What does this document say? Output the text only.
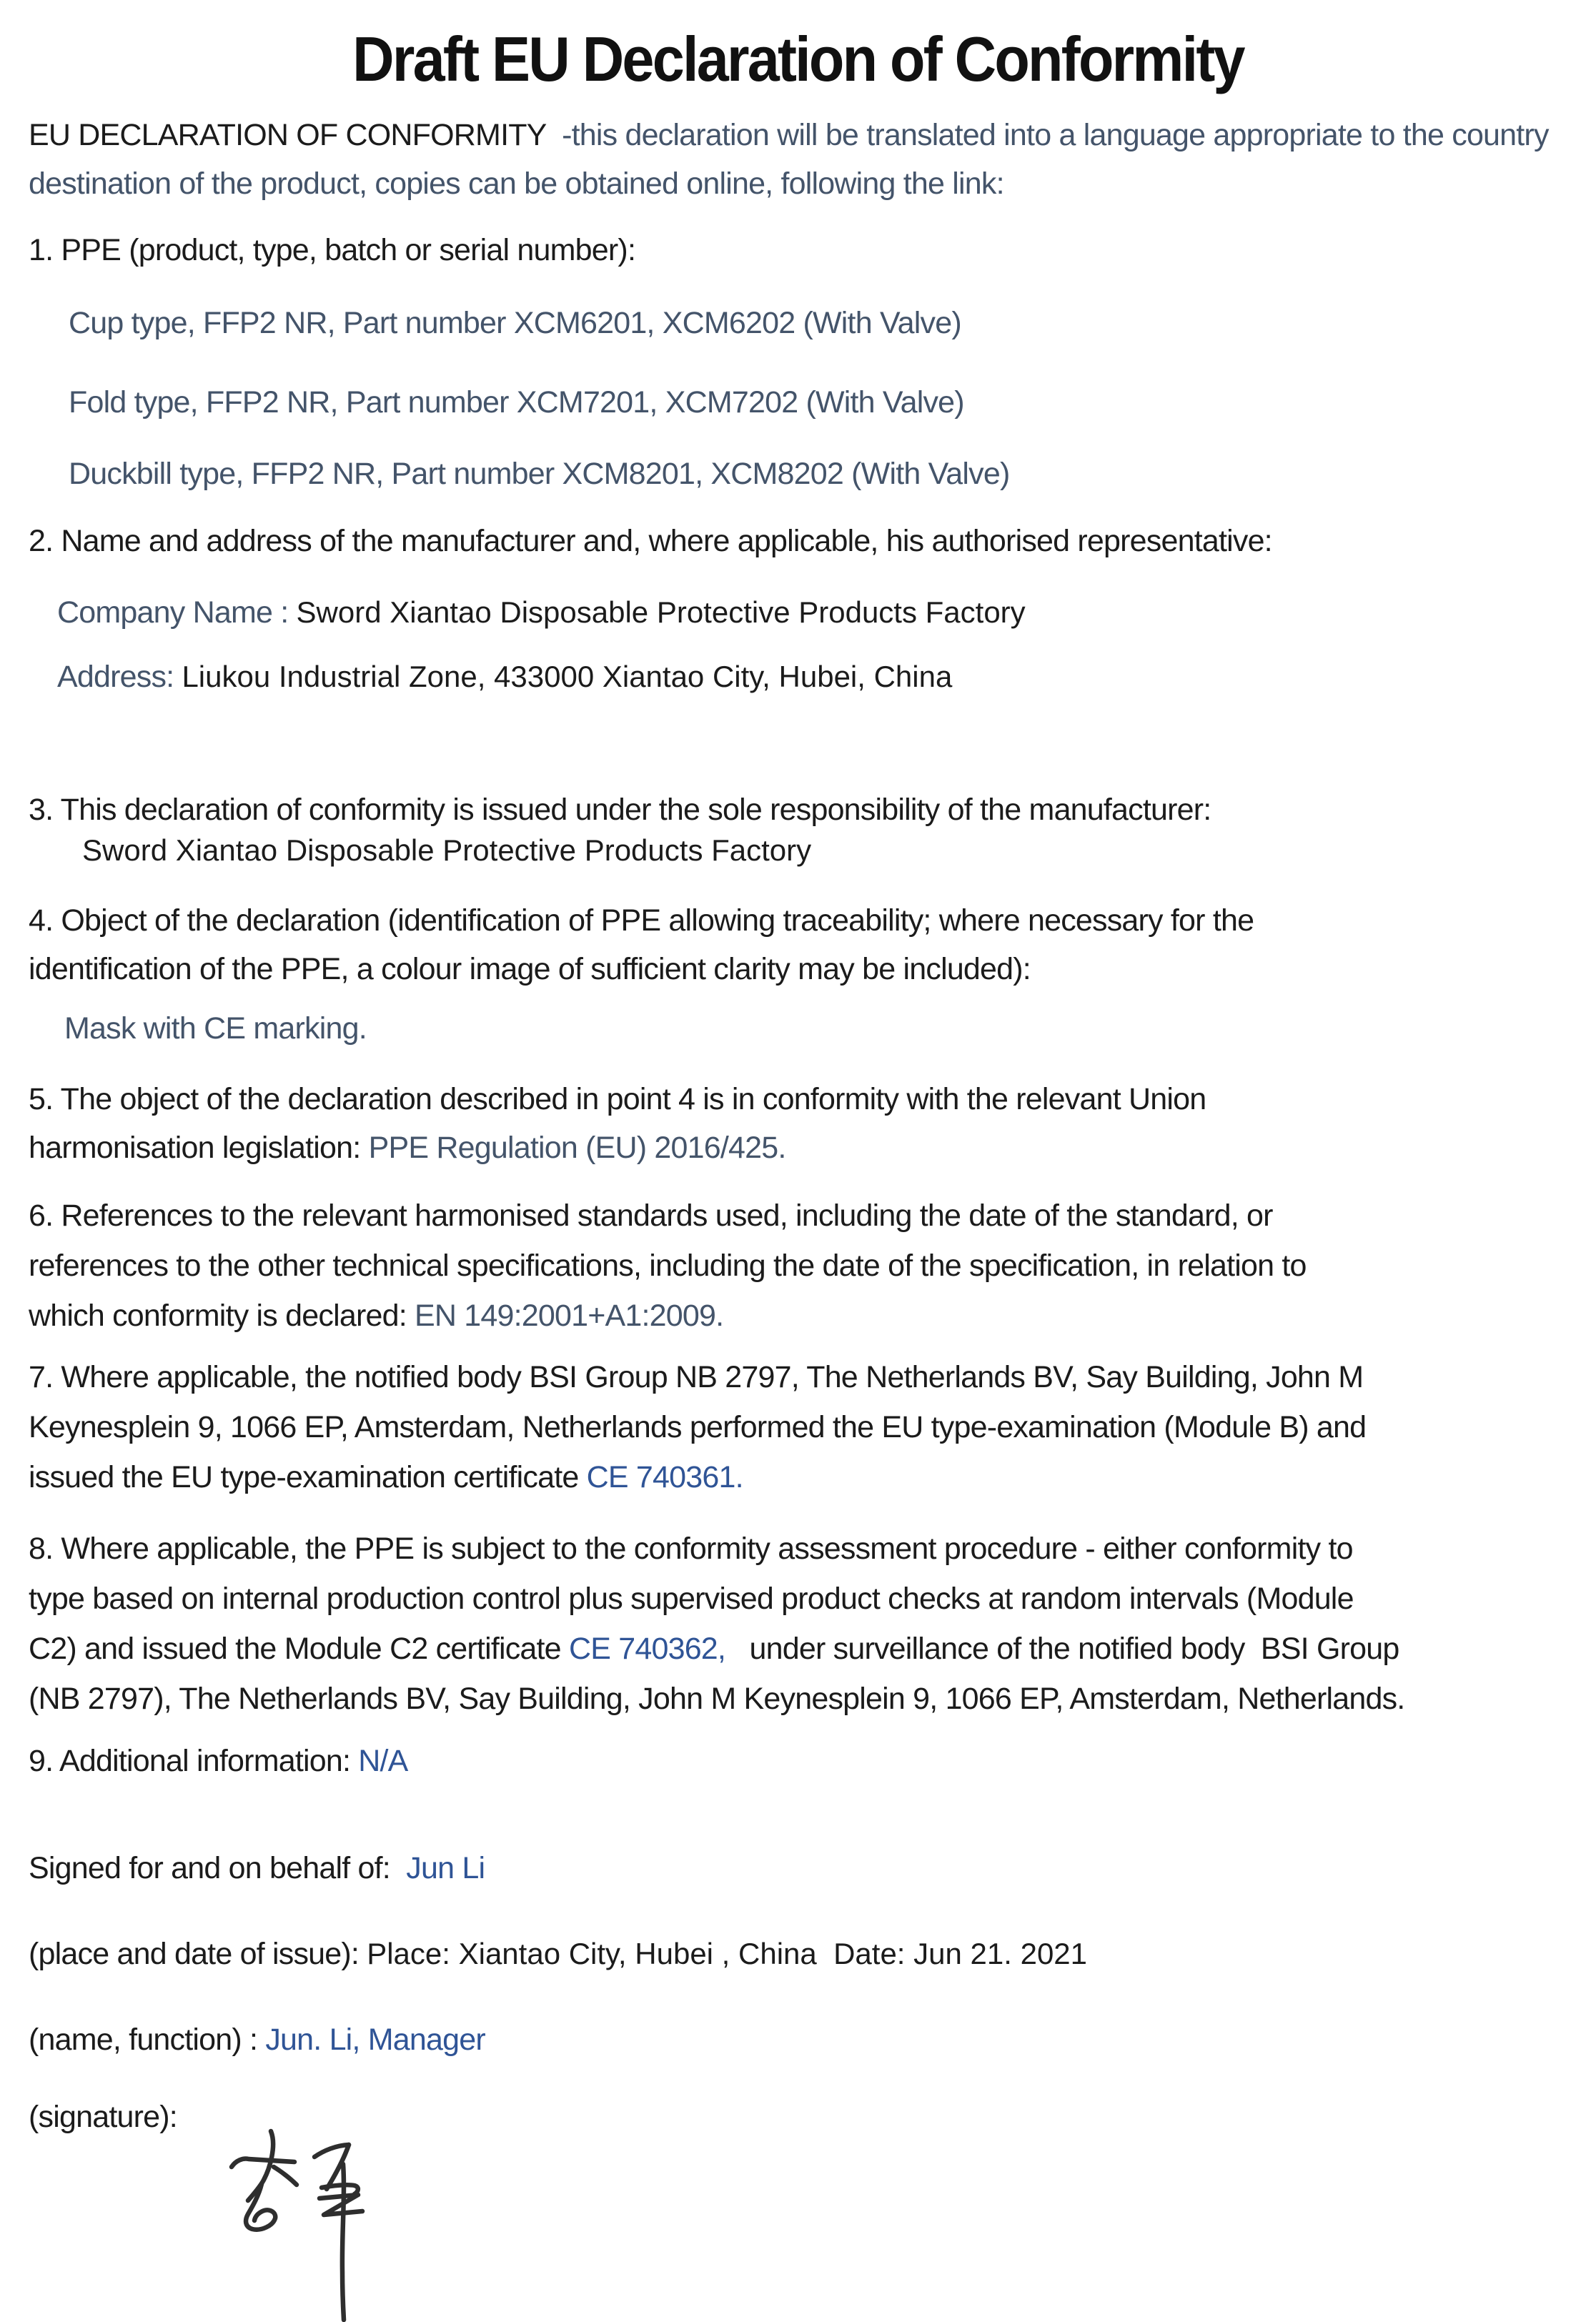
Draft EU Declaration of Conformity
EU DECLARATION OF CONFORMITY  -this declaration will be translated into a language appropriate to the country
destination of the product, copies can be obtained online, following the link:
1. PPE (product, type, batch or serial number):
Cup type, FFP2 NR, Part number XCM6201, XCM6202 (With Valve)
Fold type, FFP2 NR, Part number XCM7201, XCM7202 (With Valve)
Duckbill type, FFP2 NR, Part number XCM8201, XCM8202 (With Valve)
2. Name and address of the manufacturer and, where applicable, his authorised representative:
Company Name : Sword Xiantao Disposable Protective Products Factory
Address: Liukou Industrial Zone, 433000 Xiantao City, Hubei, China
3. This declaration of conformity is issued under the sole responsibility of the manufacturer:
Sword Xiantao Disposable Protective Products Factory
4. Object of the declaration (identification of PPE allowing traceability; where necessary for the
identification of the PPE, a colour image of sufficient clarity may be included):
Mask with CE marking.
5. The object of the declaration described in point 4 is in conformity with the relevant Union
harmonisation legislation: PPE Regulation (EU) 2016/425.
6. References to the relevant harmonised standards used, including the date of the standard, or
references to the other technical specifications, including the date of the specification, in relation to
which conformity is declared: EN 149:2001+A1:2009.
7. Where applicable, the notified body BSI Group NB 2797, The Netherlands BV, Say Building, John M
Keynesplein 9, 1066 EP, Amsterdam, Netherlands performed the EU type-examination (Module B) and
issued the EU type-examination certificate CE 740361.
8. Where applicable, the PPE is subject to the conformity assessment procedure - either conformity to
type based on internal production control plus supervised product checks at random intervals (Module
C2) and issued the Module C2 certificate CE 740362,   under surveillance of the notified body  BSI Group
(NB 2797), The Netherlands BV, Say Building, John M Keynesplein 9, 1066 EP, Amsterdam, Netherlands.
9. Additional information: N/A
Signed for and on behalf of:  Jun Li
(place and date of issue): Place: Xiantao City, Hubei , China  Date: Jun 21. 2021
(name, function) : Jun. Li, Manager
(signature):
